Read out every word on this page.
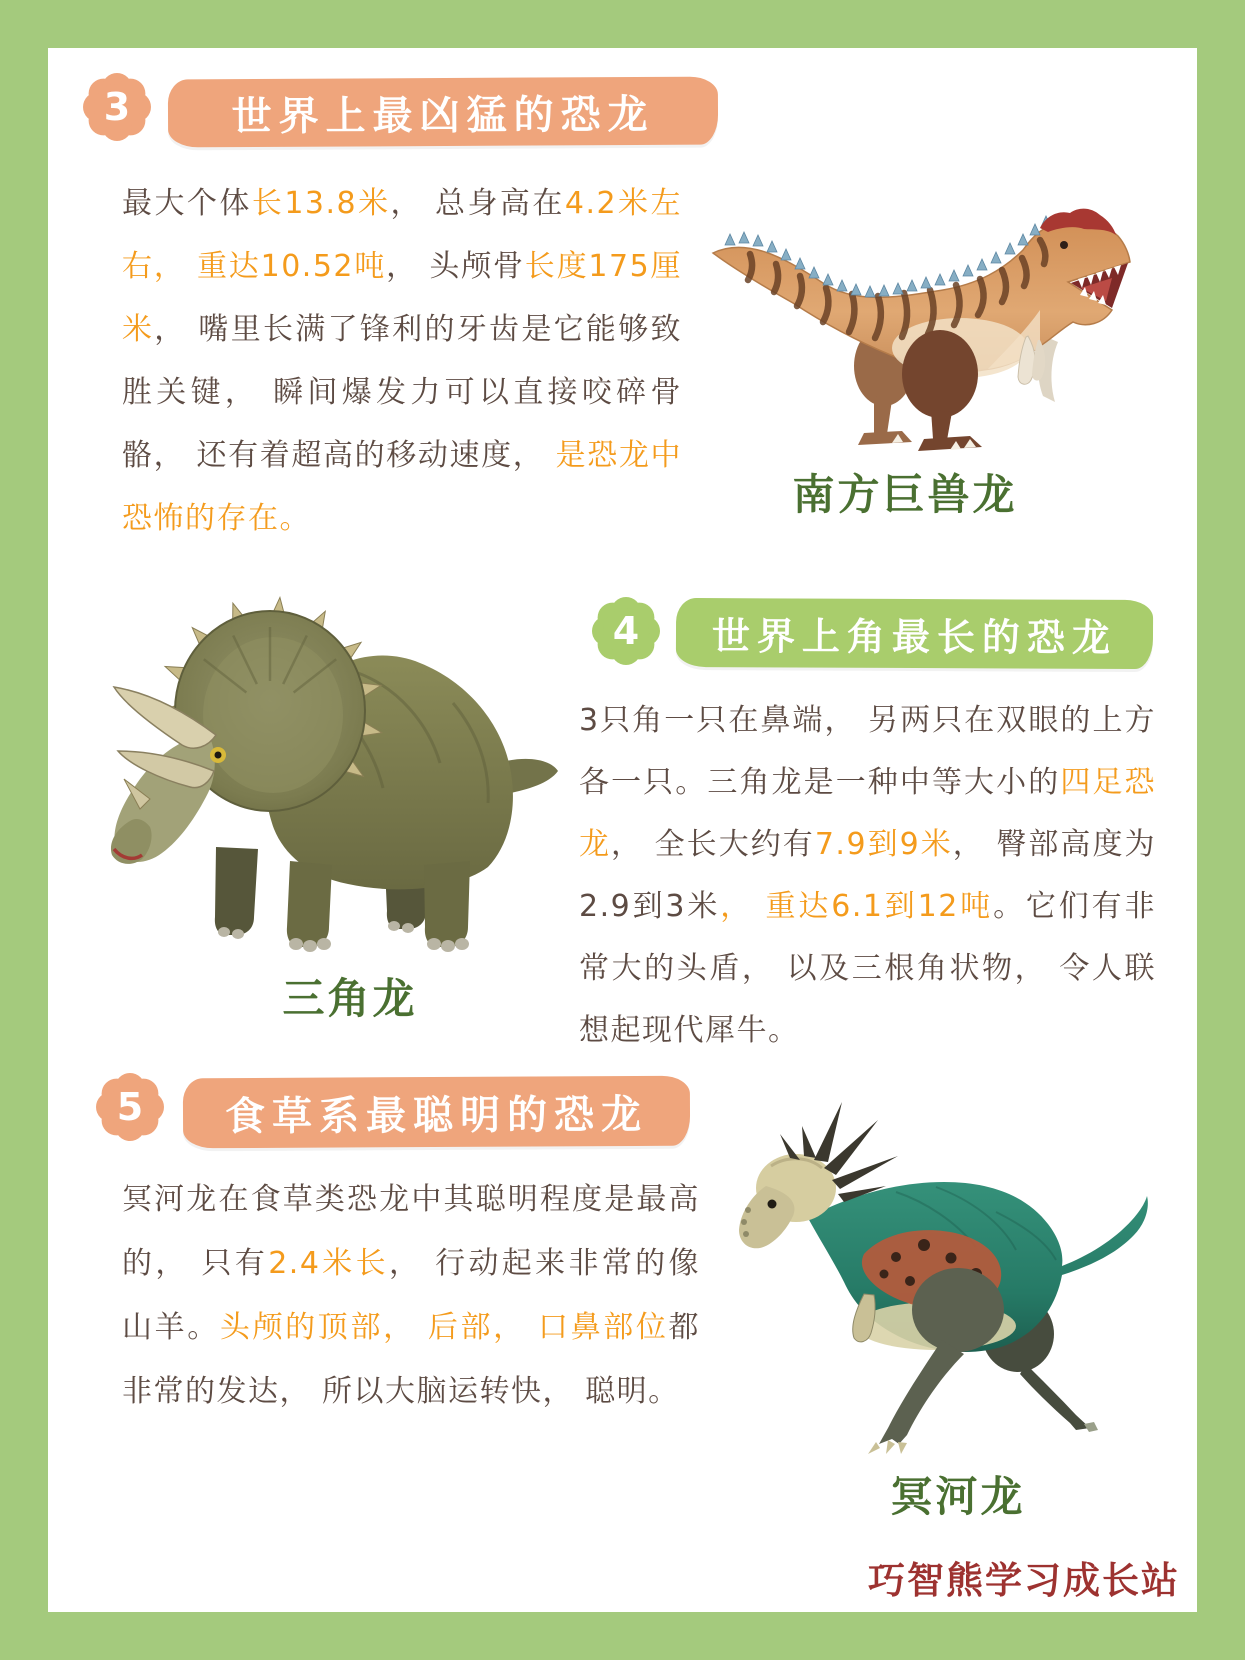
3	世界上最凶猛的恐龙

最大个体长13.8米， 总身高在4.2米左右， 重达10.52吨， 头颅骨长度175厘米， 嘴里长满了锋利的牙齿是它能够致胜关键， 瞬间爆发力可以直接咬碎骨骼， 还有着超高的移动速度， 是恐龙中恐怖的存在。	南方巨兽龙
4	世界上角最长的恐龙

3只角一只在鼻端， 另两只在双眼的上方各一只。三角龙是一种中等大小的四足恐龙， 全长大约有7.9到9米， 臀部高度为2.9到3米， 重达6.1到12吨。它们有非常大的头盾， 以及三根角状物， 令人联想起现代犀牛。

三角龙
5	食草系最聪明的恐龙

冥河龙在食草类恐龙中其聪明程度是最高的， 只有2.4米长， 行动起来非常的像山羊。头颅的顶部， 后部， 口鼻部位都非常的发达， 所以大脑运转快， 聪明。

冥河龙
巧智熊学习成长站
